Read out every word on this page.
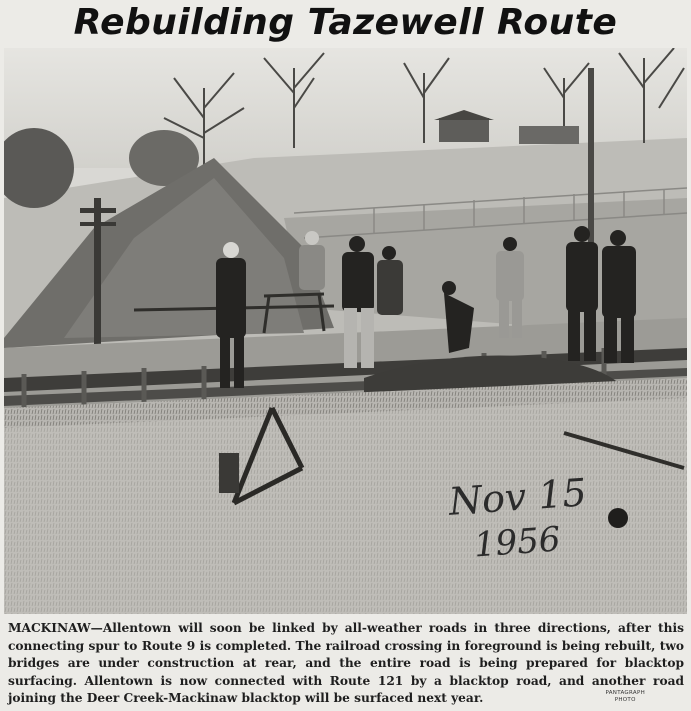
Rebuilding Tazewell Route
Nov 15
1956
MACKINAW—Allentown will soon be linked by all-weather roads in three directions, after this connecting spur to Route 9 is completed. The railroad crossing in foreground is being rebuilt, two bridges are under construction at rear, and the entire road is being prepared for blacktop surfacing. Allentown is now connected with Route 121 by a blacktop road, and another road joining the Deer Creek-Mackinaw blacktop will be surfaced next year.	PANTAGRAPH
PHOTO
